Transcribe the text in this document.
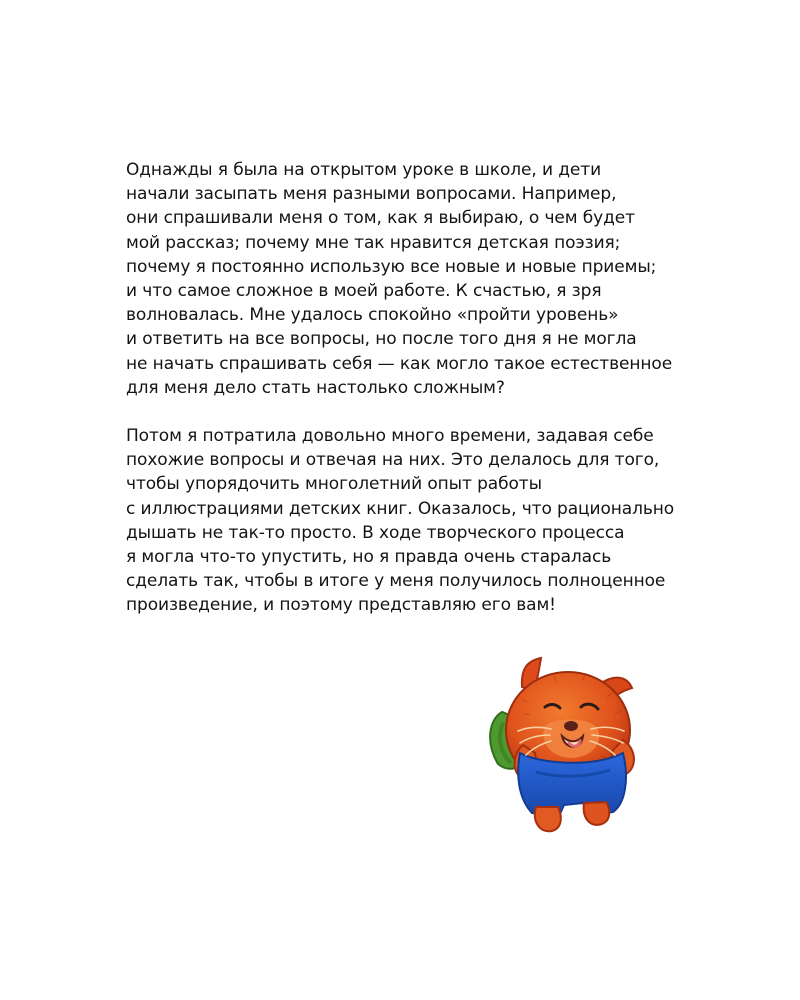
Однажды я была на открытом уроке в школе, и дети
начали засыпать меня разными вопросами. Например,
они спрашивали меня о том, как я выбираю, о чем будет
мой рассказ; почему мне так нравится детская поэзия;
почему я постоянно использую все новые и новые приемы;
и что самое сложное в моей работе. К счастью, я зря
волновалась. Мне удалось спокойно «пройти уровень»
и ответить на все вопросы, но после того дня я не могла
не начать спрашивать себя — как могло такое естественное
для меня дело стать настолько сложным?

Потом я потратила довольно много времени, задавая себе
похожие вопросы и отвечая на них. Это делалось для того,
чтобы упорядочить многолетний опыт работы
с иллюстрациями детских книг. Оказалось, что рационально
дышать не так-то просто. В ходе творческого процесса
я могла что-то упустить, но я правда очень старалась
сделать так, чтобы в итоге у меня получилось полноценное
произведение, и поэтому представляю его вам!
